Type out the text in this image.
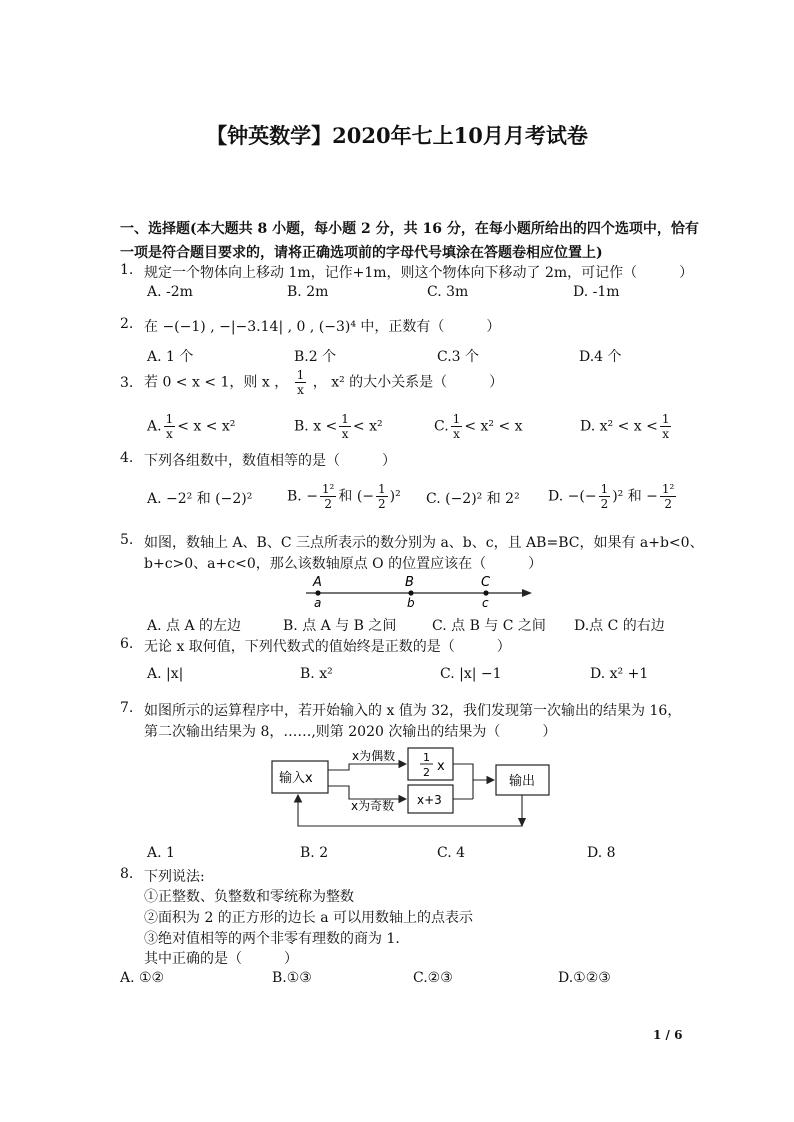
【钟英数学】2020年七上10月月考试卷
一、选择题(本大题共 8 小题，每小题 2 分，共 16 分，在每小题所给出的四个选项中，恰有
一项是符合题目要求的，请将正确选项前的字母代号填涂在答题卷相应位置上)
1. 规定一个物体向上移动 1m，记作+1m，则这个物体向下移动了 2m，可记作（　　　）
A. -2m	B. 2m	C. 3m	D. -1m
2. 在 −(−1) , −|−3.14| , 0 , (−3)⁴ 中，正数有（　　　）
A. 1 个	B.2 个	C.3 个	D.4 个
3. 若 0 < x < 1，则 x ， $\frac{1}{x}$ ， x² 的大小关系是（　　　）
A. $\frac{1}{x} < x < x^2$	B. $x < \frac{1}{x} < x^2$	C. $\frac{1}{x} < x^2 < x$	D. $x^2 < x < \frac{1}{x}$
4. 下列各组数中，数值相等的是（　　　）
A. −2² 和 (−2)² B. − $\frac{\text{1²}}{2}$ 和 (− $\frac{1}{2} )^2$ C. (−2)² 和 2² D. −(− $\frac{1}{2} )^2$ 和 − $\frac{\text{1²}}{2}$
5. 如图，数轴上 A、B、C 三点所表示的数分别为 a、b、c，且 AB=BC，如果有 a+b<0、
b+c>0、a+c<0，那么该数轴原点 O 的位置应该在（　　　）
A	B	C
a	b	c
A. 点 A 的左边	B. 点 A 与 B 之间	C. 点 B 与 C 之间 D.点 C 的右边
6. 无论 x 取何值，下列代数式的值始终是正数的是（　　　）
A. |x|	B. x²	C. |x| −1	D. x² +1
7. 如图所示的运算程序中，若开始输入的 x 值为 32，我们发现第一次输出的结果为 16，
第二次输出结果为 8，……,则第 2020 次输出的结果为（　　　）
输入x
1
2 x
x+3
输出
x为偶数
x为奇数
A. 1	B. 2	C. 4	D. 8
8. 下列说法:
①正整数、负整数和零统称为整数
②面积为 2 的正方形的边长 a 可以用数轴上的点表示
③绝对值相等的两个非零有理数的商为 1.
其中正确的是（　　　）
A. ①②	B.①③	C.②③	D.①②③
1 / 6
